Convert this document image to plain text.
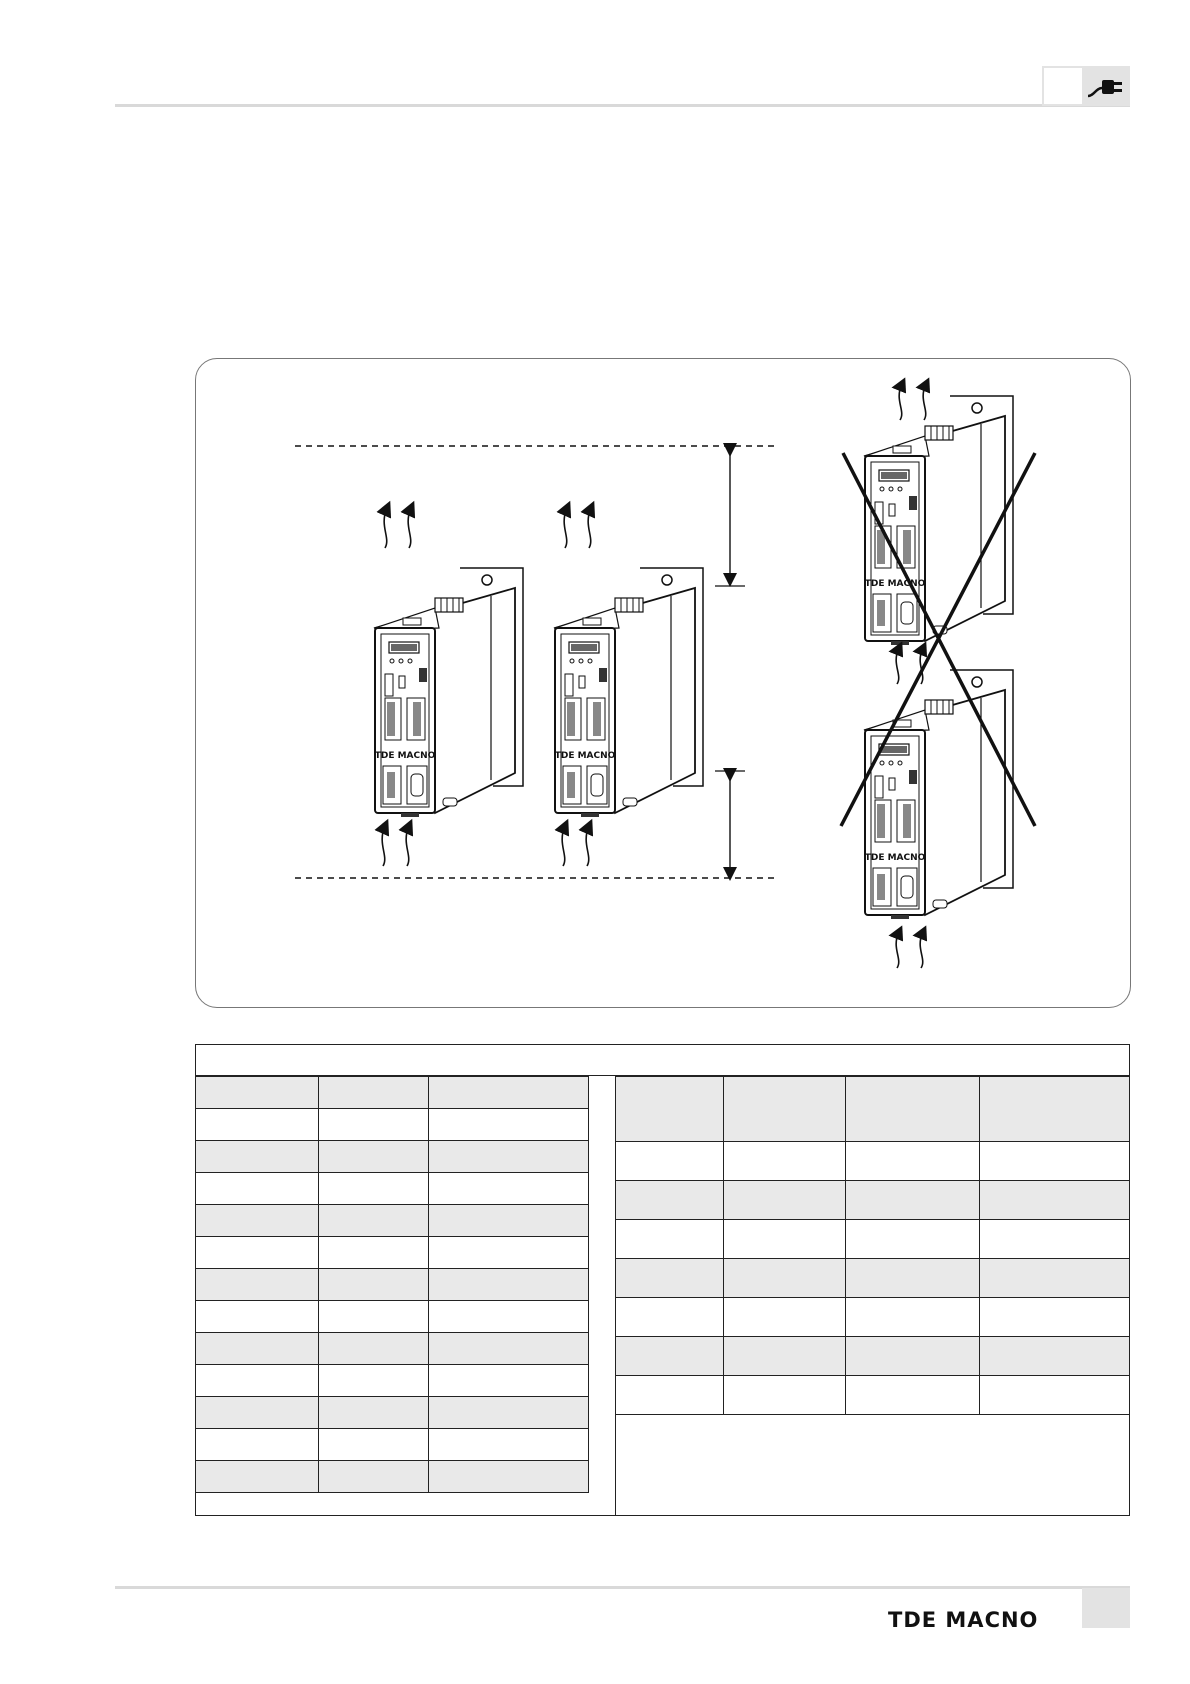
TDE MACNO

TDE MACNO
